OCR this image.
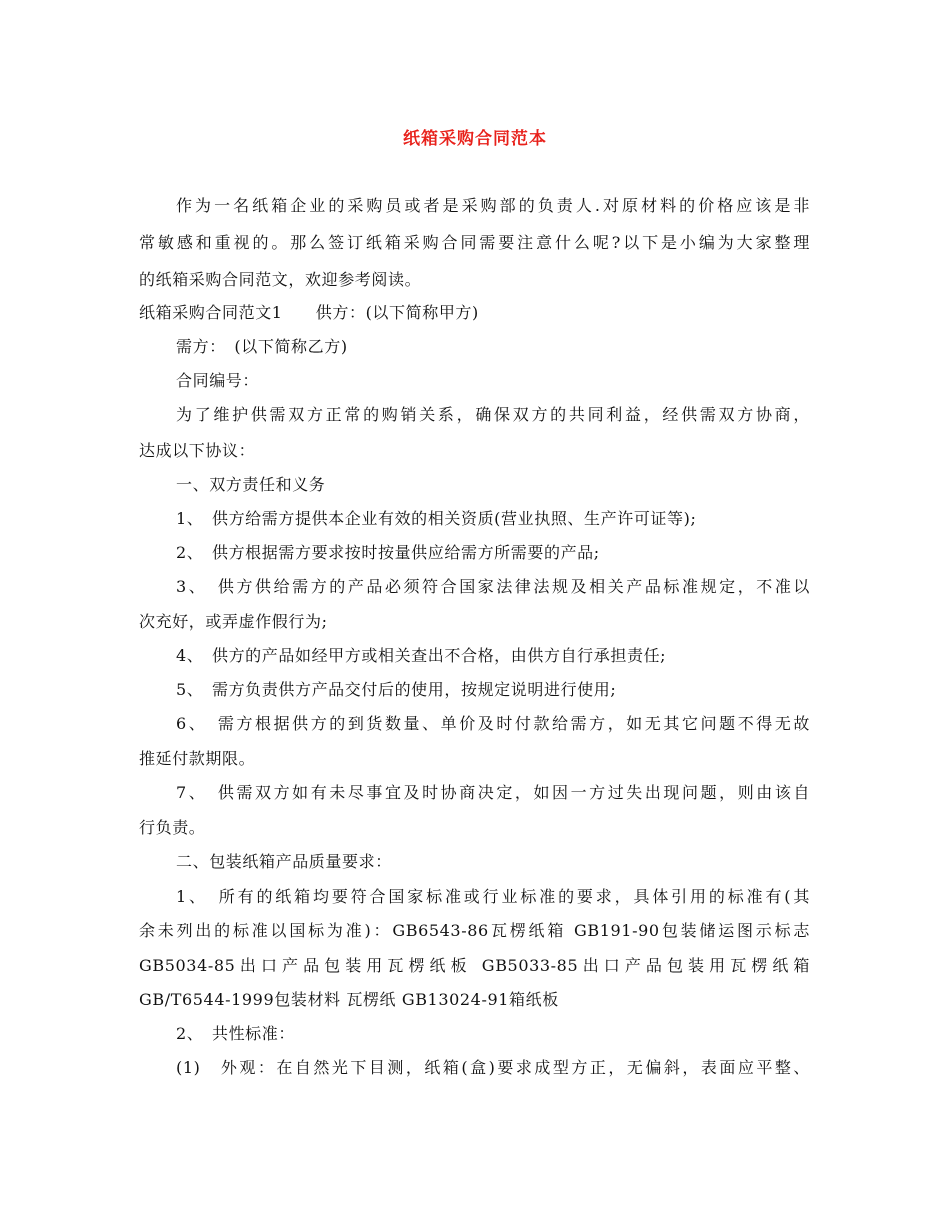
纸箱采购合同范本
作为一名纸箱企业的采购员或者是采购部的负责人.对原材料的价格应该是非
常敏感和重视的。那么签订纸箱采购合同需要注意什么呢?以下是小编为大家整理
的纸箱采购合同范文，欢迎参考阅读。
纸箱采购合同范文1　　供方：(以下简称甲方)
需方：　(以下简称乙方)
合同编号：
为了维护供需双方正常的购销关系，确保双方的共同利益，经供需双方协商，
达成以下协议：
一、双方责任和义务
1、　供方给需方提供本企业有效的相关资质(营业执照、生产许可证等);
2、　供方根据需方要求按时按量供应给需方所需要的产品;
3、　供方供给需方的产品必须符合国家法律法规及相关产品标准规定，不准以
次充好，或弄虚作假行为;
4、　供方的产品如经甲方或相关查出不合格，由供方自行承担责任;
5、　需方负责供方产品交付后的使用，按规定说明进行使用;
6、　需方根据供方的到货数量、单价及时付款给需方，如无其它问题不得无故
推延付款期限。
7、　供需双方如有未尽事宜及时协商决定，如因一方过失出现问题，则由该自
行负责。
二、包装纸箱产品质量要求：
1、　所有的纸箱均要符合国家标准或行业标准的要求，具体引用的标准有(其
余未列出的标准以国标为准)：GB6543-86瓦楞纸箱 GB191-90包装储运图示标志
GB5034-85出口产品包装用瓦楞纸板 GB5033-85出口产品包装用瓦楞纸箱
GB/T6544-1999包装材料 瓦楞纸 GB13024-91箱纸板
2、　共性标准：
(1)　外观：在自然光下目测，纸箱(盒)要求成型方正，无偏斜，表面应平整、
